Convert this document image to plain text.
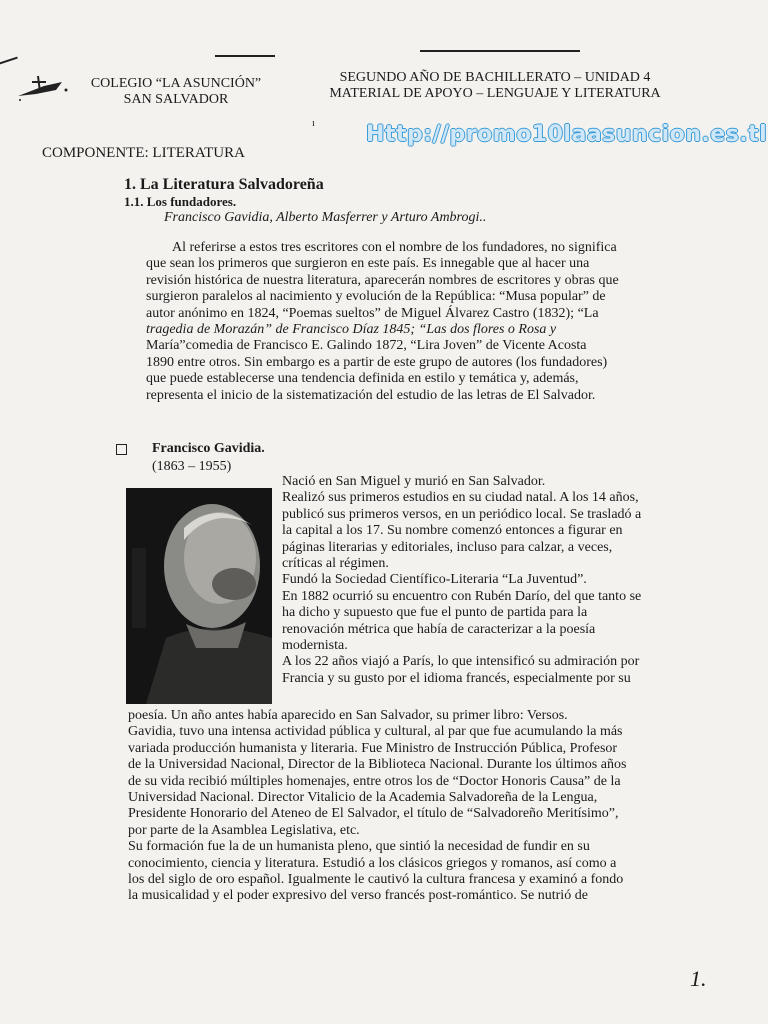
COLEGIO “LA ASUNCIÓN”
SAN SALVADOR
SEGUNDO AÑO DE BACHILLERATO – UNIDAD 4
MATERIAL DE APOYO – LENGUAJE Y LITERATURA
ı Http://promo10laasuncion.es.tl
COMPONENTE: LITERATURA
1. La Literatura Salvadoreña
1.1. Los fundadores.
Francisco Gavidia, Alberto Masferrer y Arturo Ambrogi..
Al referirse a estos tres escritores con el nombre de los fundadores, no significa
que sean los primeros que surgieron en este país. Es innegable que al hacer una
revisión histórica de nuestra literatura, aparecerán nombres de escritores y obras que
surgieron paralelos al nacimiento y evolución de la República: “Musa popular” de
autor anónimo en 1824, “Poemas sueltos” de Miguel Álvarez Castro (1832); “La
tragedia de Morazán” de Francisco Díaz 1845; “Las dos flores o Rosa y
María”comedia de Francisco E. Galindo 1872, “Lira Joven” de Vicente Acosta
1890 entre otros. Sin embargo es a partir de este grupo de autores (los fundadores)
que puede establecerse una tendencia definida en estilo y temática y, además,
representa el inicio de la sistematización del estudio de las letras de El Salvador.
Francisco Gavidia.
(1863 – 1955)
Nació en San Miguel y murió en San Salvador.
Realizó sus primeros estudios en su ciudad natal. A los 14 años,
publicó sus primeros versos, en un periódico local. Se trasladó a
la capital a los 17. Su nombre comenzó entonces a figurar en
páginas literarias y editoriales, incluso para calzar, a veces,
críticas al régimen.
Fundó la Sociedad Científico-Literaria “La Juventud”.
En 1882 ocurrió su encuentro con Rubén Darío, del que tanto se
ha dicho y supuesto que fue el punto de partida para la
renovación métrica que había de caracterizar a la poesía
modernista.
A los 22 años viajó a París, lo que intensificó su admiración por
Francia y su gusto por el idioma francés, especialmente por su
poesía. Un año antes había aparecido en San Salvador, su primer libro: Versos.
Gavidia, tuvo una intensa actividad pública y cultural, al par que fue acumulando la más
variada producción humanista y literaria. Fue Ministro de Instrucción Pública, Profesor
de la Universidad Nacional, Director de la Biblioteca Nacional. Durante los últimos años
de su vida recibió múltiples homenajes, entre otros los de “Doctor Honoris Causa” de la
Universidad Nacional. Director Vitalicio de la Academia Salvadoreña de la Lengua,
Presidente Honorario del Ateneo de El Salvador, el título de “Salvadoreño Meritísimo”,
por parte de la Asamblea Legislativa, etc.
Su formación fue la de un humanista pleno, que sintió la necesidad de fundir en su
conocimiento, ciencia y literatura. Estudió a los clásicos griegos y romanos, así como a
los del siglo de oro español. Igualmente le cautivó la cultura francesa y examinó a fondo
la musicalidad y el poder expresivo del verso francés post-romántico. Se nutrió de
1.
